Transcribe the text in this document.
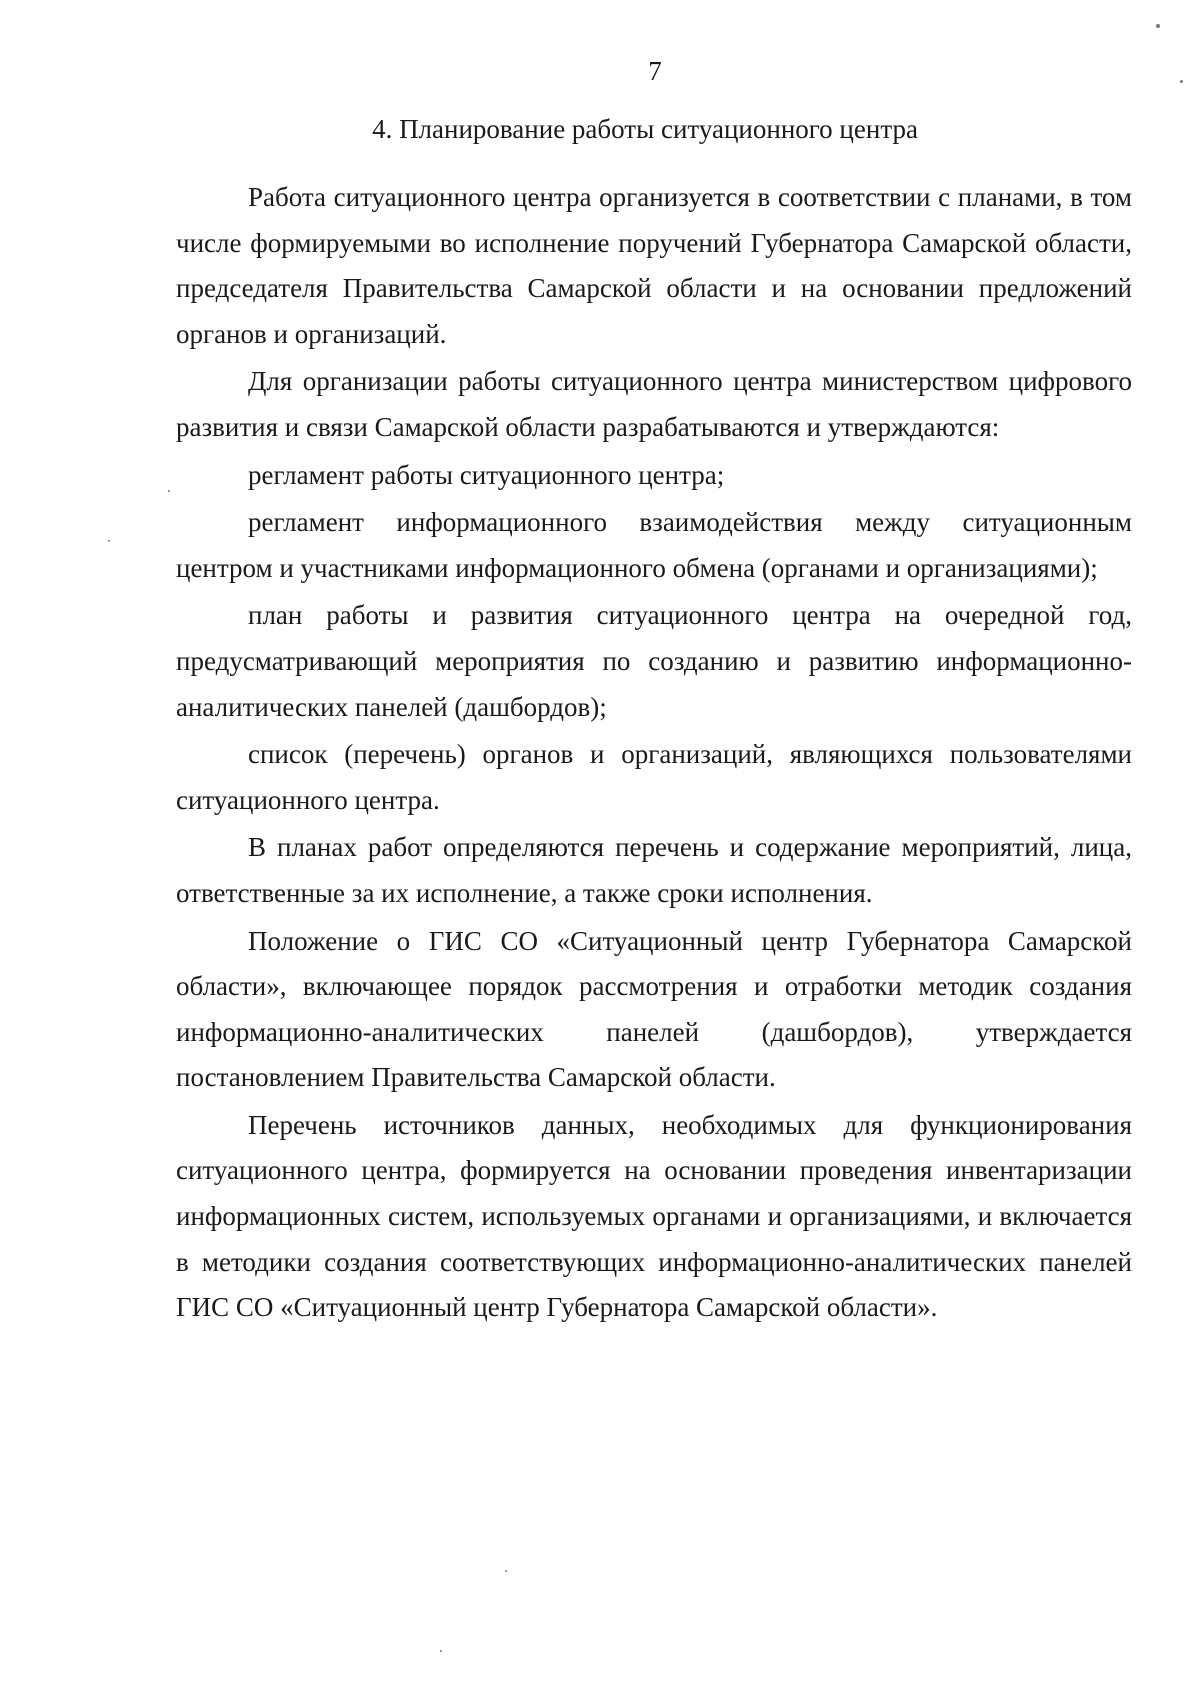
7
4. Планирование работы ситуационного центра

Работа ситуационного центра организуется в соответствии с планами, в том числе формируемыми во исполнение поручений Губернатора Самарской области, председателя Правительства Самарской области и на основании предложений органов и организаций.

Для организации работы ситуационного центра министерством цифрового развития и связи Самарской области разрабатываются и утверждаются:

регламент работы ситуационного центра;

регламент информационного взаимодействия между ситуационным центром и участниками информационного обмена (органами и организациями);

план работы и развития ситуационного центра на очередной год, предусматривающий мероприятия по созданию и развитию информационно-аналитических панелей (дашбордов);

список (перечень) органов и организаций, являющихся пользователями ситуационного центра.

В планах работ определяются перечень и содержание мероприятий, лица, ответственные за их исполнение, а также сроки исполнения.

Положение о ГИС СО «Ситуационный центр Губернатора Самарской области», включающее порядок рассмотрения и отработки методик создания информационно-аналитических панелей (дашбордов), утверждается постановлением Правительства Самарской области.

Перечень источников данных, необходимых для функционирования ситуационного центра, формируется на основании проведения инвентаризации информационных систем, используемых органами и организациями, и включается в методики создания соответствующих информационно-аналитических панелей ГИС СО «Ситуационный центр Губернатора Самарской области».
